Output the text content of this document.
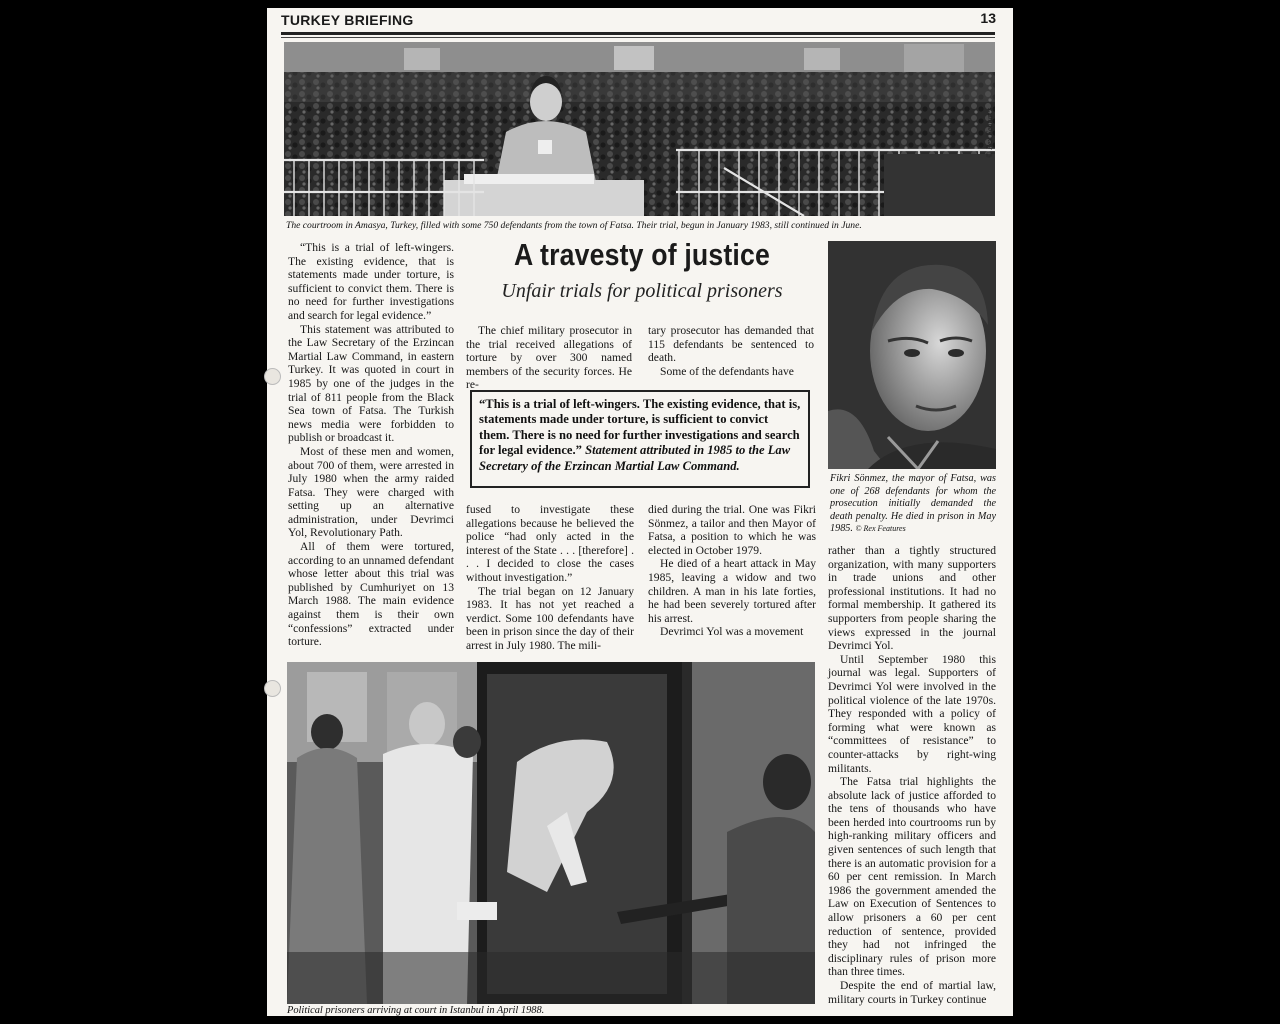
TURKEY BRIEFING	13
© Rex Features
The courtroom in Amasya, Turkey, filled with some 750 defendants from the town of Fatsa. Their trial, begun in January 1983, still continued in June.

“This is a trial of left-wingers. The existing evidence, that is statements made under torture, is sufficient to convict them. There is no need for further investigations and search for legal evidence.”

This statement was attributed to the Law Secretary of the Erzincan Martial Law Command, in eastern Turkey. It was quoted in court in 1985 by one of the judges in the trial of 811 people from the Black Sea town of Fatsa. The Turkish news media were forbidden to publish or broadcast it.

Most of these men and women, about 700 of them, were arrested in July 1980 when the army raided Fatsa. They were charged with setting up an alternative administration, under Devrimci Yol, Revolutionary Path.

All of them were tortured, according to an unnamed defendant whose letter about this trial was published by Cumhuriyet on 13 March 1988. The main evidence against them is their own “confessions” extracted under torture.

A travesty of justice
Unfair trials for political prisoners

The chief military prosecutor in the trial received allegations of torture by over 300 named members of the security forces. He re-

tary prosecutor has demanded that 115 defendants be sentenced to death.

Some of the defendants have

“This is a trial of left-wingers. The existing evidence, that is, statements made under torture, is sufficient to convict them. There is no need for further investigations and search for legal evidence.” Statement attributed in 1985 to the Law Secretary of the Erzincan Martial Law Command.

fused to investigate these allegations because he believed the police “had only acted in the interest of the State . . . [therefore] . . . I decided to close the cases without investigation.”

The trial began on 12 January 1983. It has not yet reached a verdict. Some 100 defendants have been in prison since the day of their arrest in July 1980. The mili-

died during the trial. One was Fikri Sönmez, a tailor and then Mayor of Fatsa, a position to which he was elected in October 1979.

He died of a heart attack in May 1985, leaving a widow and two children. A man in his late forties, he had been severely tortured after his arrest.

Devrimci Yol was a movement

Fikri Sönmez, the mayor of Fatsa, was one of 268 defendants for whom the prosecution initially demanded the death penalty. He died in prison in May 1985. © Rex Features

rather than a tightly structured organization, with many supporters in trade unions and other professional institutions. It had no formal membership. It gathered its supporters from people sharing the views expressed in the journal Devrimci Yol.

Until September 1980 this journal was legal. Supporters of Devrimci Yol were involved in the political violence of the late 1970s. They responded with a policy of forming what were known as “committees of resistance” to counter-attacks by right-wing militants.

The Fatsa trial highlights the absolute lack of justice afforded to the tens of thousands who have been herded into courtrooms run by high-ranking military officers and given sentences of such length that there is an automatic provision for a 60 per cent remission. In March 1986 the government amended the Law on Execution of Sentences to allow prisoners a 60 per cent reduction of sentence, provided they had not infringed the disciplinary rules of prison more than three times.

Despite the end of martial law, military courts in Turkey continue

Political prisoners arriving at court in Istanbul in April 1988.
